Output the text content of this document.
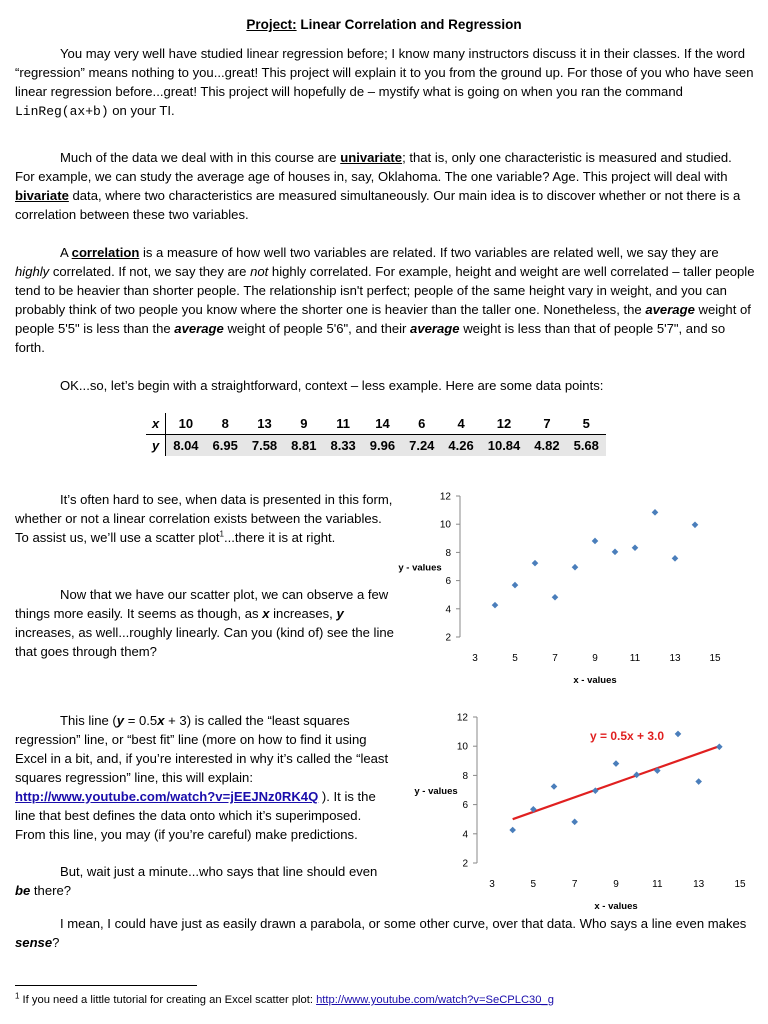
Project: Linear Correlation and Regression
You may very well have studied linear regression before; I know many instructors discuss it in their classes. If the word “regression” means nothing to you...great! This project will explain it to you from the ground up. For those of you who have seen linear regression before...great! This project will hopefully de – mystify what is going on when you ran the command LinReg(ax+b) on your TI.
Much of the data we deal with in this course are univariate; that is, only one characteristic is measured and studied. For example, we can study the average age of houses in, say, Oklahoma. The one variable? Age. This project will deal with bivariate data, where two characteristics are measured simultaneously. Our main idea is to discover whether or not there is a correlation between these two variables.
A correlation is a measure of how well two variables are related. If two variables are related well, we say they are highly correlated. If not, we say they are not highly correlated. For example, height and weight are well correlated – taller people tend to be heavier than shorter people. The relationship isn't perfect; people of the same height vary in weight, and you can probably think of two people you know where the shorter one is heavier than the taller one. Nonetheless, the average weight of people 5'5" is less than the average weight of people 5'6", and their average weight is less than that of people 5'7", and so forth.
OK...so, let’s begin with a straightforward, context – less example. Here are some data points:
x	10	8	13	9	11	14	6	4	12	7	5
y	8.04	6.95	7.58	8.81	8.33	9.96	7.24	4.26	10.84	4.82	5.68
It’s often hard to see, when data is presented in this form, whether or not a linear correlation exists between the variables. To assist us, we’ll use a scatter plot$^1$...there it is at right.
Now that we have our scatter plot, we can observe a few things more easily. It seems as though, as x increases, y increases, as well...roughly linearly. Can you (kind of) see the line that goes through them?
This line (y = 0.5x + 3) is called the “least squares regression” line, or “best fit” line (more on how to find it using Excel in a bit, and, if you’re interested in why it’s called the “least squares regression” line, this will explain: http://www.youtube.com/watch?v=jEEJNz0RK4Q ). It is the line that best defines the data onto which it’s superimposed. From this line, you may (if you’re careful) make predictions.
But, wait just a minute...who says that line should even be there?
I mean, I could have just as easily drawn a parabola, or some other curve, over that data. Who says a line even makes sense?
2
4
6
8
10
12
3	5	7	9	11	13	15
x - values
y - values
2
4
6
8
10
12
3	5	7	9	11	13	15
x - values
y - values
y = 0.5x + 3.0
$^1$ If you need a little tutorial for creating an Excel scatter plot: http://www.youtube.com/watch?v=SeCPLC30_g
